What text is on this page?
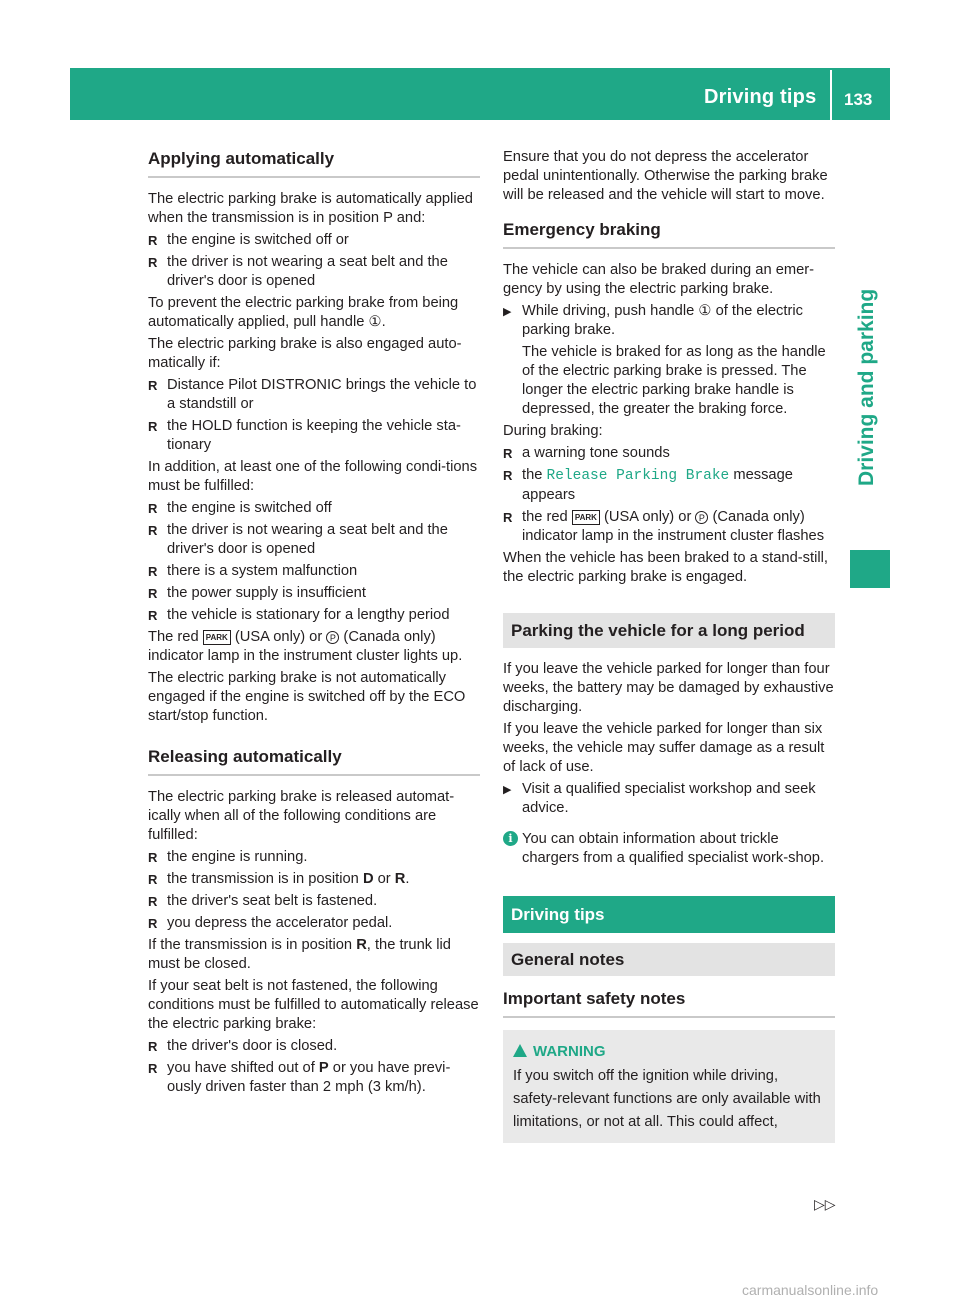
Driving tips 133
Driving and parking
Applying automatically

The electric parking brake is automatically applied when the transmission is in position P and:

R the engine is switched off or

R the driver is not wearing a seat belt and the driver's door is opened

To prevent the electric parking brake from being automatically applied, pull handle ①.

The electric parking brake is also engaged auto-matically if:

R Distance Pilot DISTRONIC brings the vehicle to a standstill or

R the HOLD function is keeping the vehicle sta-tionary

In addition, at least one of the following condi-tions must be fulfilled:

R the engine is switched off

R the driver is not wearing a seat belt and the driver's door is opened

R there is a system malfunction

R the power supply is insufficient

R the vehicle is stationary for a lengthy period

The red PARK (USA only) or P (Canada only) indicator lamp in the instrument cluster lights up.

The electric parking brake is not automatically engaged if the engine is switched off by the ECO start/stop function.

Releasing automatically

The electric parking brake is released automat-ically when all of the following conditions are fulfilled:

R the engine is running.

R the transmission is in position D or R.

R the driver's seat belt is fastened.

R you depress the accelerator pedal.

If the transmission is in position R, the trunk lid must be closed.

If your seat belt is not fastened, the following conditions must be fulfilled to automatically release the electric parking brake:

R the driver's door is closed.

R you have shifted out of P or you have previ-ously driven faster than 2 mph (3 km/h).

Ensure that you do not depress the accelerator pedal unintentionally. Otherwise the parking brake will be released and the vehicle will start to move.

Emergency braking

The vehicle can also be braked during an emer-gency by using the electric parking brake.

▶ While driving, push handle ① of the electric parking brake.

The vehicle is braked for as long as the handle of the electric parking brake is pressed. The longer the electric parking brake handle is depressed, the greater the braking force.

During braking:

R a warning tone sounds

R the Release Parking Brake message appears

R the red PARK (USA only) or P (Canada only) indicator lamp in the instrument cluster flashes

When the vehicle has been braked to a stand-still, the electric parking brake is engaged.

Parking the vehicle for a long period

If you leave the vehicle parked for longer than four weeks, the battery may be damaged by exhaustive discharging.

If you leave the vehicle parked for longer than six weeks, the vehicle may suffer damage as a result of lack of use.

▶ Visit a qualified specialist workshop and seek advice.

i You can obtain information about trickle chargers from a qualified specialist work-shop.

Driving tips
General notes
Important safety notes
WARNING

If you switch off the ignition while driving, safety-relevant functions are only available with limitations, or not at all. This could affect,

▷▷
carmanualsonline.info
